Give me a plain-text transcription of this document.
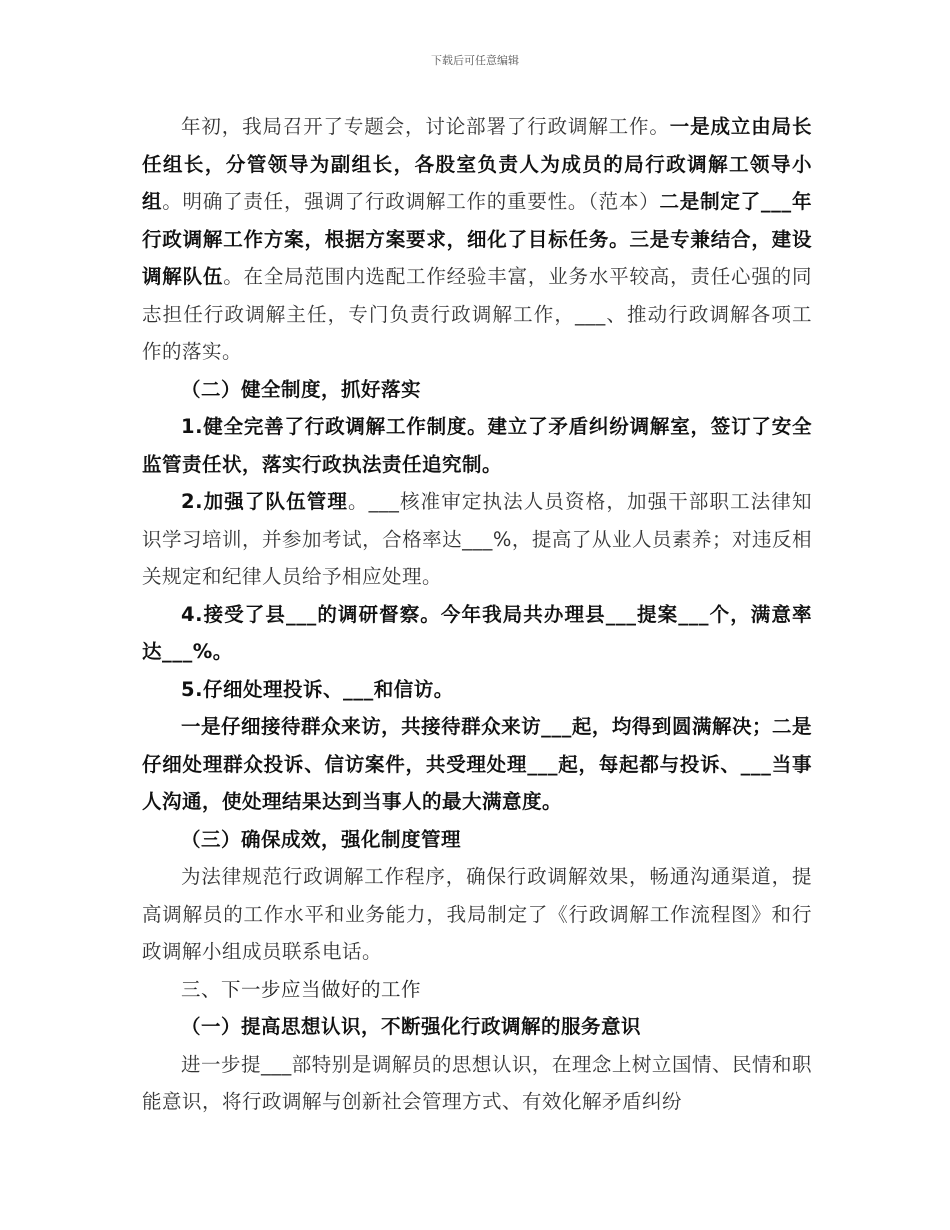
下载后可任意编辑

年初，我局召开了专题会，讨论部署了行政调解工作。一是成立由局长任组长，分管领导为副组长，各股室负责人为成员的局行政调解工领导小组。明确了责任，强调了行政调解工作的重要性。（范本）二是制定了___年行政调解工作方案，根据方案要求，细化了目标任务。三是专兼结合，建设调解队伍。在全局范围内选配工作经验丰富，业务水平较高，责任心强的同志担任行政调解主任，专门负责行政调解工作，___、推动行政调解各项工作的落实。

（二）健全制度，抓好落实

1.健全完善了行政调解工作制度。建立了矛盾纠纷调解室，签订了安全监管责任状，落实行政执法责任追究制。

2.加强了队伍管理。___核准审定执法人员资格，加强干部职工法律知识学习培训，并参加考试，合格率达___%，提高了从业人员素养；对违反相关规定和纪律人员给予相应处理。

4.接受了县___的调研督察。今年我局共办理县___提案___个，满意率达___%。

5.仔细处理投诉、___和信访。

一是仔细接待群众来访，共接待群众来访___起，均得到圆满解决；二是仔细处理群众投诉、信访案件，共受理处理___起，每起都与投诉、___当事人沟通，使处理结果达到当事人的最大满意度。

（三）确保成效，强化制度管理

为法律规范行政调解工作程序，确保行政调解效果，畅通沟通渠道，提高调解员的工作水平和业务能力，我局制定了《行政调解工作流程图》和行政调解小组成员联系电话。

三、下一步应当做好的工作

（一）提高思想认识，不断强化行政调解的服务意识

进一步提___部特别是调解员的思想认识，在理念上树立国情、民情和职能意识，将行政调解与创新社会管理方式、有效化解矛盾纠纷
